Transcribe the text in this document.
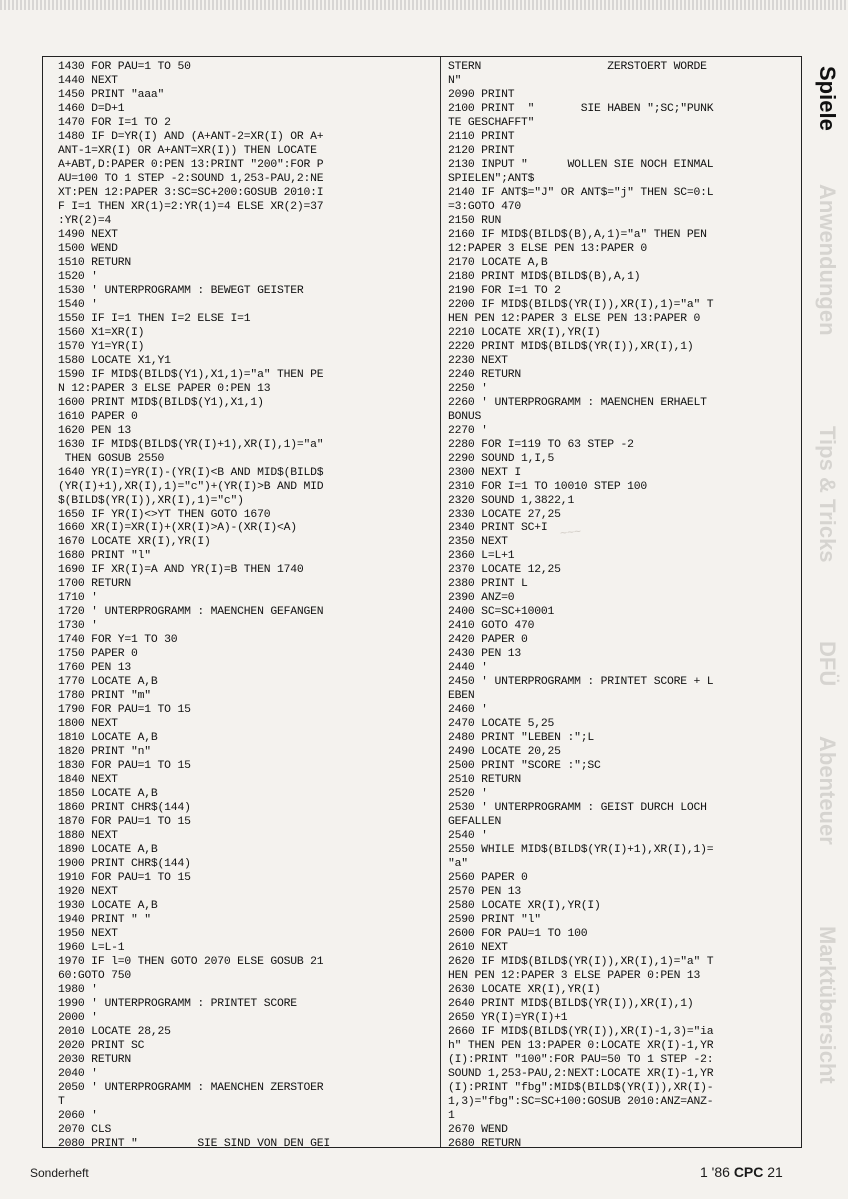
1430 FOR PAU=1 TO 50
1440 NEXT
1450 PRINT "aaa"
1460 D=D+1
1470 FOR I=1 TO 2
1480 IF D=YR(I) AND (A+ANT-2=XR(I) OR A+
ANT-1=XR(I) OR A+ANT=XR(I)) THEN LOCATE
A+ABT,D:PAPER 0:PEN 13:PRINT "200":FOR P
AU=100 TO 1 STEP -2:SOUND 1,253-PAU,2:NE
XT:PEN 12:PAPER 3:SC=SC+200:GOSUB 2010:I
F I=1 THEN XR(1)=2:YR(1)=4 ELSE XR(2)=37
:YR(2)=4
1490 NEXT
1500 WEND
1510 RETURN
1520 '
1530 ' UNTERPROGRAMM : BEWEGT GEISTER
1540 '
1550 IF I=1 THEN I=2 ELSE I=1
1560 X1=XR(I)
1570 Y1=YR(I)
1580 LOCATE X1,Y1
1590 IF MID$(BILD$(Y1),X1,1)="a" THEN PE
N 12:PAPER 3 ELSE PAPER 0:PEN 13
1600 PRINT MID$(BILD$(Y1),X1,1)
1610 PAPER 0
1620 PEN 13
1630 IF MID$(BILD$(YR(I)+1),XR(I),1)="a"
THEN GOSUB 2550
1640 YR(I)=YR(I)-(YR(I)<B AND MID$(BILD$
(YR(I)+1),XR(I),1)="c")+(YR(I)>B AND MID
$(BILD$(YR(I)),XR(I),1)="c")
1650 IF YR(I)<>YT THEN GOTO 1670
1660 XR(I)=XR(I)+(XR(I)>A)-(XR(I)<A)
1670 LOCATE XR(I),YR(I)
1680 PRINT "l"
1690 IF XR(I)=A AND YR(I)=B THEN 1740
1700 RETURN
1710 '
1720 ' UNTERPROGRAMM : MAENCHEN GEFANGEN
1730 '
1740 FOR Y=1 TO 30
1750 PAPER 0
1760 PEN 13
1770 LOCATE A,B
1780 PRINT "m"
1790 FOR PAU=1 TO 15
1800 NEXT
1810 LOCATE A,B
1820 PRINT "n"
1830 FOR PAU=1 TO 15
1840 NEXT
1850 LOCATE A,B
1860 PRINT CHR$(144)
1870 FOR PAU=1 TO 15
1880 NEXT
1890 LOCATE A,B
1900 PRINT CHR$(144)
1910 FOR PAU=1 TO 15
1920 NEXT
1930 LOCATE A,B
1940 PRINT " "
1950 NEXT
1960 L=L-1
1970 IF l=0 THEN GOTO 2070 ELSE GOSUB 21
60:GOTO 750
1980 '
1990 ' UNTERPROGRAMM : PRINTET SCORE
2000 '
2010 LOCATE 28,25
2020 PRINT SC
2030 RETURN
2040 '
2050 ' UNTERPROGRAMM : MAENCHEN ZERSTOER
T
2060 '
2070 CLS
2080 PRINT "         SIE SIND VON DEN GEI
STERN                   ZERSTOERT WORDE
N"
2090 PRINT
2100 PRINT  "       SIE HABEN ";SC;"PUNK
TE GESCHAFFT"
2110 PRINT
2120 PRINT
2130 INPUT "      WOLLEN SIE NOCH EINMAL
SPIELEN";ANT$
2140 IF ANT$="J" OR ANT$="j" THEN SC=0:L
=3:GOTO 470
2150 RUN
2160 IF MID$(BILD$(B),A,1)="a" THEN PEN
12:PAPER 3 ELSE PEN 13:PAPER 0
2170 LOCATE A,B
2180 PRINT MID$(BILD$(B),A,1)
2190 FOR I=1 TO 2
2200 IF MID$(BILD$(YR(I)),XR(I),1)="a" T
HEN PEN 12:PAPER 3 ELSE PEN 13:PAPER 0
2210 LOCATE XR(I),YR(I)
2220 PRINT MID$(BILD$(YR(I)),XR(I),1)
2230 NEXT
2240 RETURN
2250 '
2260 ' UNTERPROGRAMM : MAENCHEN ERHAELT
BONUS
2270 '
2280 FOR I=119 TO 63 STEP -2
2290 SOUND 1,I,5
2300 NEXT I
2310 FOR I=1 TO 10010 STEP 100
2320 SOUND 1,3822,1
2330 LOCATE 27,25
2340 PRINT SC+I
2350 NEXT
2360 L=L+1
2370 LOCATE 12,25
2380 PRINT L
2390 ANZ=0
2400 SC=SC+10001
2410 GOTO 470
2420 PAPER 0
2430 PEN 13
2440 '
2450 ' UNTERPROGRAMM : PRINTET SCORE + L
EBEN
2460 '
2470 LOCATE 5,25
2480 PRINT "LEBEN :";L
2490 LOCATE 20,25
2500 PRINT "SCORE :";SC
2510 RETURN
2520 '
2530 ' UNTERPROGRAMM : GEIST DURCH LOCH
GEFALLEN
2540 '
2550 WHILE MID$(BILD$(YR(I)+1),XR(I),1)=
"a"
2560 PAPER 0
2570 PEN 13
2580 LOCATE XR(I),YR(I)
2590 PRINT "l"
2600 FOR PAU=1 TO 100
2610 NEXT
2620 IF MID$(BILD$(YR(I)),XR(I),1)="a" T
HEN PEN 12:PAPER 3 ELSE PAPER 0:PEN 13
2630 LOCATE XR(I),YR(I)
2640 PRINT MID$(BILD$(YR(I)),XR(I),1)
2650 YR(I)=YR(I)+1
2660 IF MID$(BILD$(YR(I)),XR(I)-1,3)="ia
h" THEN PEN 13:PAPER 0:LOCATE XR(I)-1,YR
(I):PRINT "100":FOR PAU=50 TO 1 STEP -2:
SOUND 1,253-PAU,2:NEXT:LOCATE XR(I)-1,YR
(I):PRINT "fbg":MID$(BILD$(YR(I)),XR(I)-
1,3)="fbg":SC=SC+100:GOSUB 2010:ANZ=ANZ-
1
2670 WEND
2680 RETURN
Spiele
Anwendungen
Tips & Tricks
DFÜ
Abenteuer
Marktübersicht
~~~
Sonderheft	1 '86 CPC 21
